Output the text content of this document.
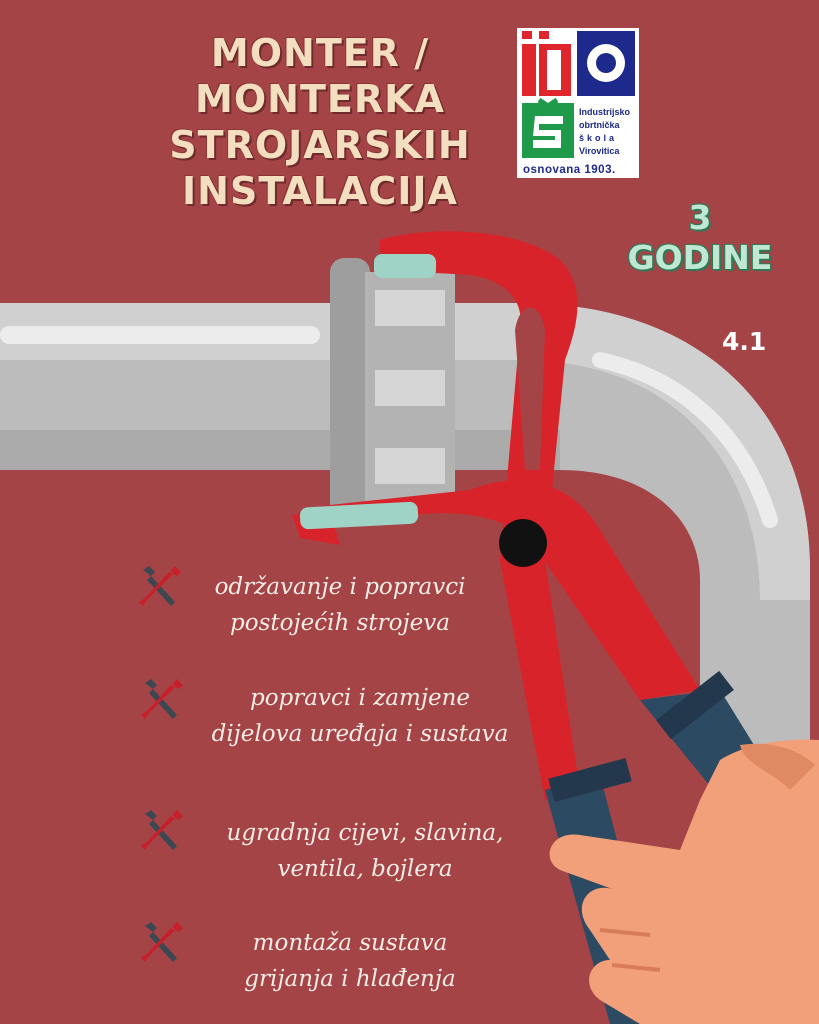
MONTER /
MONTERKA
STROJARSKIH
INSTALACIJA
Industrijsko
obrtnička
škola
Virovitica
osnovana 1903.
3
GODINE
4.1
održavanje i popravci
postojećih strojeva
popravci i zamjene
dijelova uređaja i sustava
ugradnja cijevi, slavina,
ventila, bojlera
montaža sustava
grijanja i hlađenja
